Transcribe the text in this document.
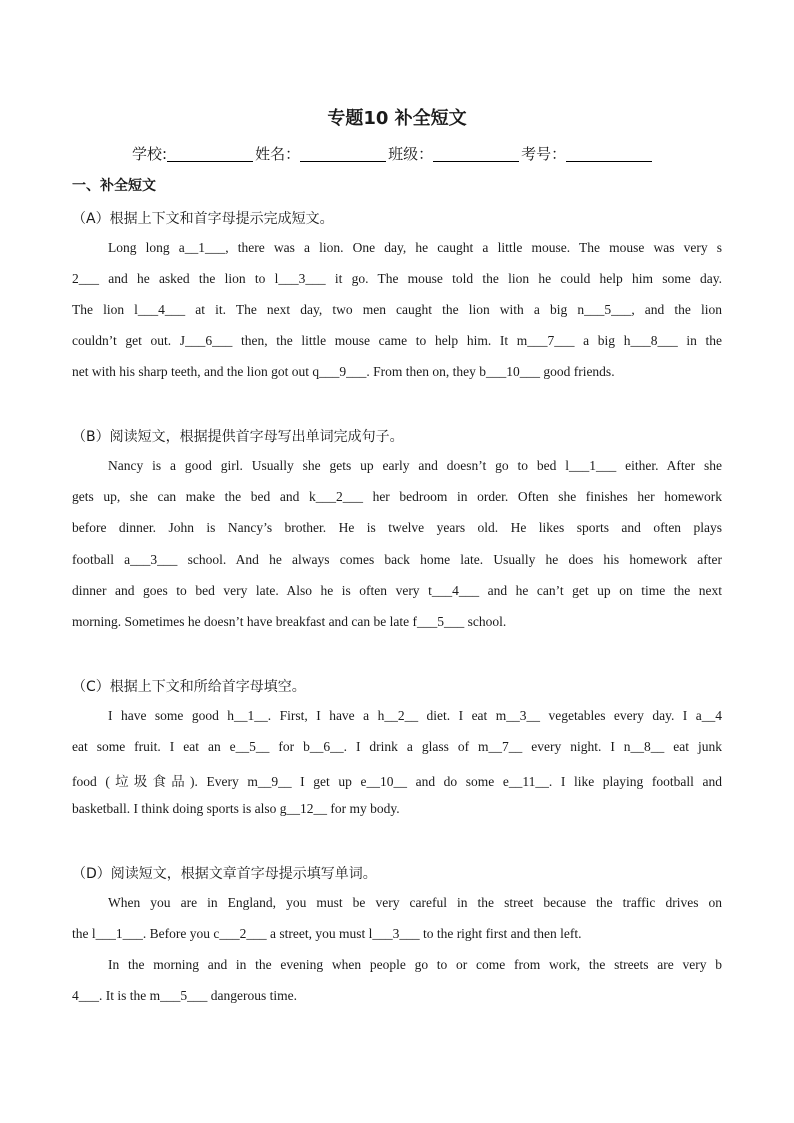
专题10 补全短文
学校:	姓名：	班级：	考号：
一、补全短文
（A）根据上下文和首字母提示完成短文。
Long long a__1___, there was a lion. One day, he caught a little mouse. The mouse was very s
2___ and he asked the lion to l___3___ it go. The mouse told the lion he could help him some day.
The lion l___4___ at it. The next day, two men caught the lion with a big n___5___, and the lion
couldn’t get out. J___6___ then, the little mouse came to help him. It m___7___ a big h___8___ in the
net with his sharp teeth, and the lion got out q___9___. From then on, they b___10___ good friends.
（B）阅读短文，根据提供首字母写出单词完成句子。
Nancy is a good girl. Usually she gets up early and doesn’t go to bed l___1___ either. After she
gets up, she can make the bed and k___2___ her bedroom in order. Often she finishes her homework
before dinner. John is Nancy’s brother. He is twelve years old. He likes sports and often plays
football a___3___ school. And he always comes back home late. Usually he does his homework after
dinner and goes to bed very late. Also he is often very t___4___ and he can’t get up on time the next
morning. Sometimes he doesn’t have breakfast and can be late f___5___ school.
（C）根据上下文和所给首字母填空。
I have some good h__1__. First, I have a h__2__ diet. I eat m__3__ vegetables every day. I a__4
eat some fruit. I eat an e__5__ for b__6__. I drink a glass of m__7__ every night. I n__8__ eat junk
food (垃圾食品). Every m__9__ I get up e__10__ and do some e__11__. I like playing football and
basketball. I think doing sports is also g__12__ for my body.
（D）阅读短文，根据文章首字母提示填写单词。
When you are in England, you must be very careful in the street because the traffic drives on
the l___1___. Before you c___2___ a street, you must l___3___ to the right first and then left.
In the morning and in the evening when people go to or come from work, the streets are very b
4___. It is the m___5___ dangerous time.
